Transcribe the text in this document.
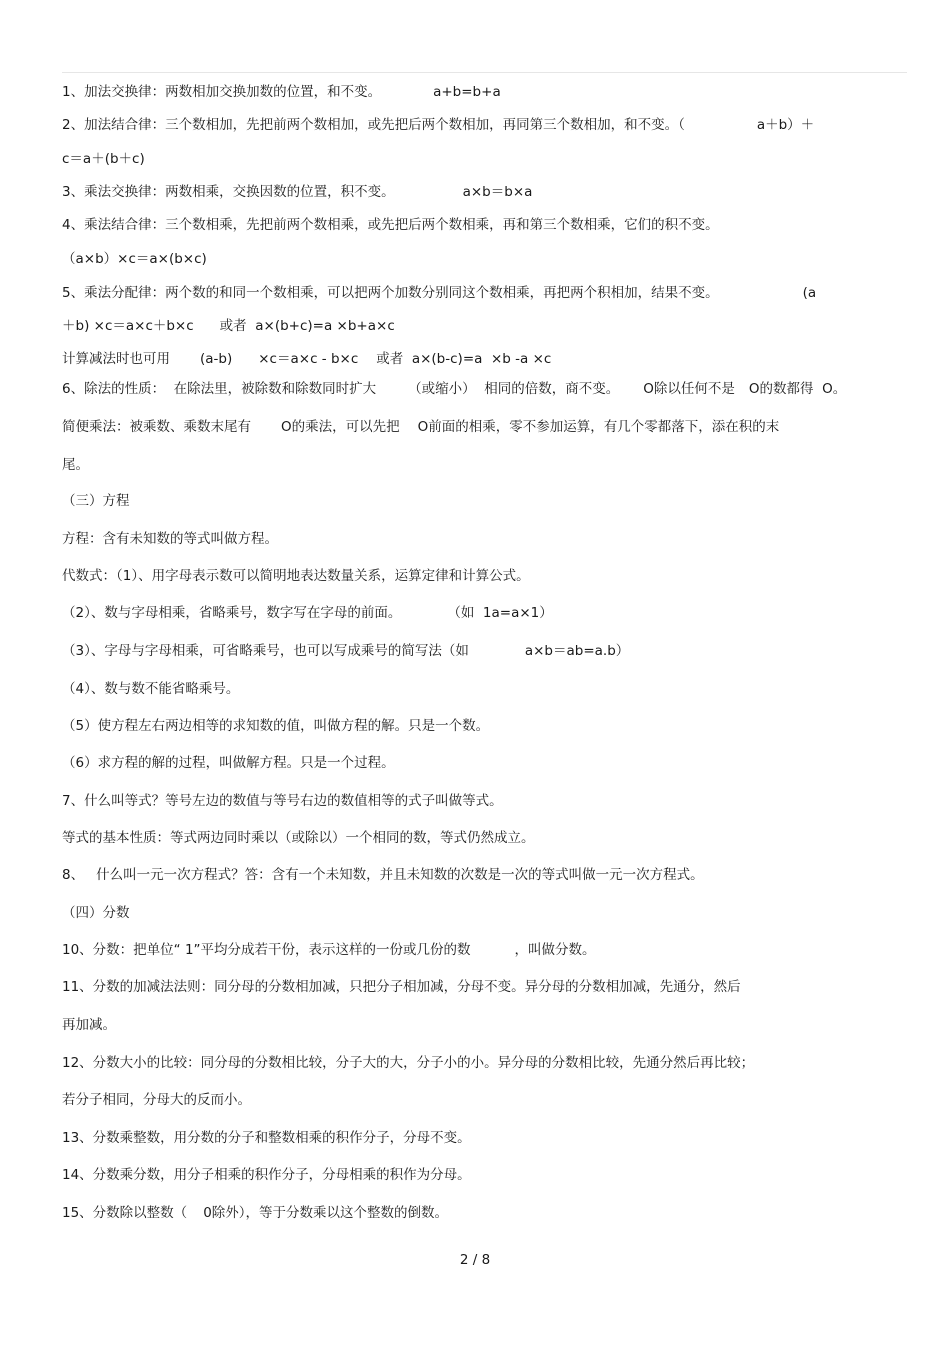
1、加法交换律：两数相加交换加数的位置，和不变。	a+b=b+a
2、加法结合律：三个数相加，先把前两个数相加，或先把后两个数相加，再同第三个数相加，和不变。（	a＋b）＋
c＝a＋(b＋c)
3、乘法交换律：两数相乘，交换因数的位置，积不变。	a×b＝b×a
4、乘法结合律：三个数相乘，先把前两个数相乘，或先把后两个数相乘，再和第三个数相乘，它们的积不变。
（a×b）×c＝a×(b×c)
5、乘法分配律：两个数的和同一个数相乘，可以把两个加数分别同这个数相乘，再把两个积相加，结果不变。	(a
＋b) ×c＝a×c＋b×c 或者  a×(b+c)=a ×b+a×c
计算减法时也可用 (a-b) ×c＝a×c - b×c 或者  a×(b-c)=a  ×b -a ×c
6、除法的性质：  在除法里，被除数和除数同时扩大 （或缩小）  相同的倍数，商不变。 O除以任何不是 O的数都得  O。
简便乘法：被乘数、乘数末尾有 O的乘法，可以先把 O前面的相乘，零不参加运算，有几个零都落下，添在积的末
尾。
（三）方程
方程：含有未知数的等式叫做方程。
代数式：（1）、用字母表示数可以简明地表达数量关系，运算定律和计算公式。
（2）、数与字母相乘，省略乘号，数字写在字母的前面。	（如  1a=a×1）
（3）、字母与字母相乘，可省略乘号，也可以写成乘号的简写法（如	a×b＝ab=a.b）
（4）、数与数不能省略乘号。
（5）使方程左右两边相等的求知数的值，叫做方程的解。只是一个数。
（6）求方程的解的过程，叫做解方程。只是一个过程。
7、什么叫等式？等号左边的数值与等号右边的数值相等的式子叫做等式。
等式的基本性质：等式两边同时乘以（或除以）一个相同的数，等式仍然成立。
8、 什么叫一元一次方程式？答：含有一个未知数，并且未知数的次数是一次的等式叫做一元一次方程式。
（四）分数
10、分数：把单位“ 1”平均分成若干份，表示这样的一份或几份的数	，叫做分数。
11、分数的加减法法则：同分母的分数相加减，只把分子相加减，分母不变。异分母的分数相加减，先通分，然后
再加减。
12、分数大小的比较：同分母的分数相比较，分子大的大，分子小的小。异分母的分数相比较，先通分然后再比较；
若分子相同，分母大的反而小。
13、分数乘整数，用分数的分子和整数相乘的积作分子，分母不变。
14、分数乘分数，用分子相乘的积作分子，分母相乘的积作为分母。
15、分数除以整数（ 0除外），等于分数乘以这个整数的倒数。
2 / 8
